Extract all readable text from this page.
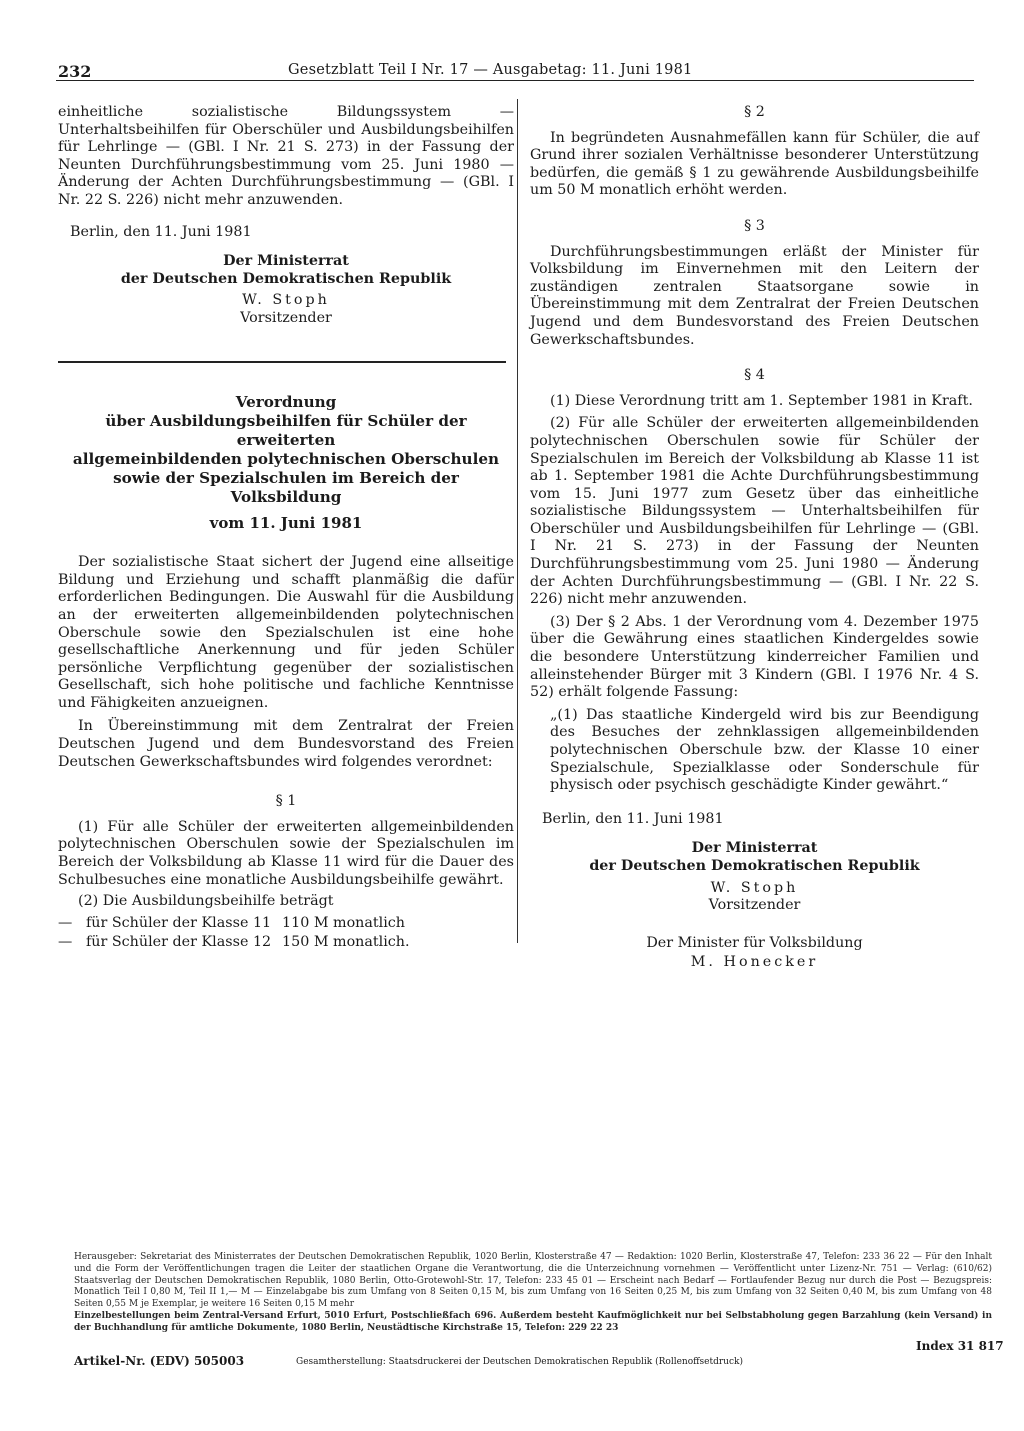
232	Gesetzblatt Teil I Nr. 17 — Ausgabetag: 11. Juni 1981

einheitliche sozialistische Bildungssystem — Unterhaltsbeihilfen für Oberschüler und Ausbildungsbeihilfen für Lehrlinge — (GBl. I Nr. 21 S. 273) in der Fassung der Neunten Durchführungsbestimmung vom 25. Juni 1980 — Änderung der Achten Durchführungsbestimmung — (GBl. I Nr. 22 S. 226) nicht mehr anzuwenden.

Berlin, den 11. Juni 1981

Der Ministerrat

der Deutschen Demokratischen Republik

W. Stoph

Vorsitzender

Verordnung

über Ausbildungsbeihilfen für Schüler der erweiterten

allgemeinbildenden polytechnischen Oberschulen

sowie der Spezialschulen im Bereich der Volksbildung

vom 11. Juni 1981

Der sozialistische Staat sichert der Jugend eine allseitige Bildung und Erziehung und schafft planmäßig die dafür erforderlichen Bedingungen. Die Auswahl für die Ausbildung an der erweiterten allgemeinbildenden polytechnischen Oberschule sowie den Spezialschulen ist eine hohe gesellschaftliche Anerkennung und für jeden Schüler persönliche Verpflichtung gegenüber der sozialistischen Gesellschaft, sich hohe politische und fachliche Kenntnisse und Fähigkeiten anzueignen.

In Übereinstimmung mit dem Zentralrat der Freien Deutschen Jugend und dem Bundesvorstand des Freien Deutschen Gewerkschaftsbundes wird folgendes verordnet:

§ 1

(1) Für alle Schüler der erweiterten allgemeinbildenden polytechnischen Oberschulen sowie der Spezialschulen im Bereich der Volksbildung ab Klasse 11 wird für die Dauer des Schulbesuches eine monatliche Ausbildungsbeihilfe gewährt.

(2) Die Ausbildungsbeihilfe beträgt

— für Schüler der Klasse 11 110 M monatlich
— für Schüler der Klasse 12 150 M monatlich.

§ 2

In begründeten Ausnahmefällen kann für Schüler, die auf Grund ihrer sozialen Verhältnisse besonderer Unterstützung bedürfen, die gemäß § 1 zu gewährende Ausbildungsbeihilfe um 50 M monatlich erhöht werden.

§ 3

Durchführungsbestimmungen erläßt der Minister für Volksbildung im Einvernehmen mit den Leitern der zuständigen zentralen Staatsorgane sowie in Übereinstimmung mit dem Zentralrat der Freien Deutschen Jugend und dem Bundesvorstand des Freien Deutschen Gewerkschaftsbundes.

§ 4

(1) Diese Verordnung tritt am 1. September 1981 in Kraft.

(2) Für alle Schüler der erweiterten allgemeinbildenden polytechnischen Oberschulen sowie für Schüler der Spezialschulen im Bereich der Volksbildung ab Klasse 11 ist ab 1. September 1981 die Achte Durchführungsbestimmung vom 15. Juni 1977 zum Gesetz über das einheitliche sozialistische Bildungssystem — Unterhaltsbeihilfen für Oberschüler und Ausbildungsbeihilfen für Lehrlinge — (GBl. I Nr. 21 S. 273) in der Fassung der Neunten Durchführungsbestimmung vom 25. Juni 1980 — Änderung der Achten Durchführungsbestimmung — (GBl. I Nr. 22 S. 226) nicht mehr anzuwenden.

(3) Der § 2 Abs. 1 der Verordnung vom 4. Dezember 1975 über die Gewährung eines staatlichen Kindergeldes sowie die besondere Unterstützung kinderreicher Familien und alleinstehender Bürger mit 3 Kindern (GBl. I 1976 Nr. 4 S. 52) erhält folgende Fassung:

„(1) Das staatliche Kindergeld wird bis zur Beendigung des Besuches der zehnklassigen allgemeinbildenden polytechnischen Oberschule bzw. der Klasse 10 einer Spezialschule, Spezialklasse oder Sonderschule für physisch oder psychisch geschädigte Kinder gewährt.“

Berlin, den 11. Juni 1981

Der Ministerrat

der Deutschen Demokratischen Republik

W. Stoph

Vorsitzender

Der Minister für Volksbildung

M. Honecker

Herausgeber: Sekretariat des Ministerrates der Deutschen Demokratischen Republik, 1020 Berlin, Klosterstraße 47 — Redaktion: 1020 Berlin, Klosterstraße 47, Telefon: 233 36 22 — Für den Inhalt und die Form der Veröffentlichungen tragen die Leiter der staatlichen Organe die Verantwortung, die die Unterzeichnung vornehmen — Veröffentlicht unter Lizenz-Nr. 751 — Verlag: (610/62) Staatsverlag der Deutschen Demokratischen Republik, 1080 Berlin, Otto-Grotewohl-Str. 17, Telefon: 233 45 01 — Erscheint nach Bedarf — Fortlaufender Bezug nur durch die Post — Bezugspreis: Monatlich Teil I 0,80 M, Teil II 1,— M — Einzelabgabe bis zum Umfang von 8 Seiten 0,15 M, bis zum Umfang von 16 Seiten 0,25 M, bis zum Umfang von 32 Seiten 0,40 M, bis zum Umfang von 48 Seiten 0,55 M je Exemplar, je weitere 16 Seiten 0,15 M mehr

Einzelbestellungen beim Zentral-Versand Erfurt, 5010 Erfurt, Postschließfach 696. Außerdem besteht Kaufmöglichkeit nur bei Selbstabholung gegen Barzahlung (kein Versand) in der Buchhandlung für amtliche Dokumente, 1080 Berlin, Neustädtische Kirchstraße 15, Telefon: 229 22 23

Artikel-Nr. (EDV) 505003	Gesamtherstellung: Staatsdruckerei der Deutschen Demokratischen Republik (Rollenoffsetdruck)
Index 31 817
